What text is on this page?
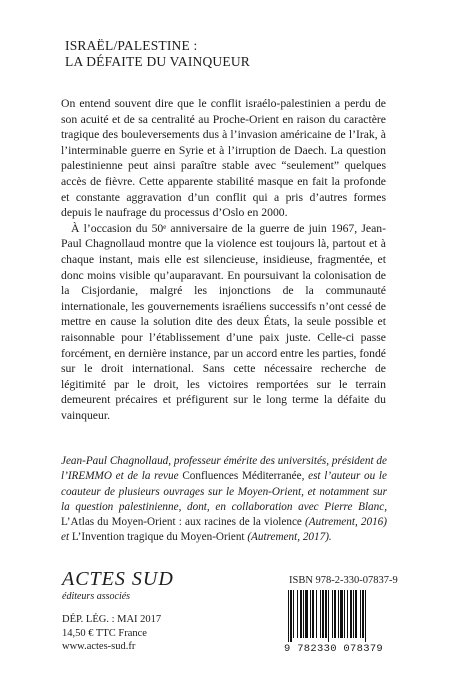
ISRAËL/PALESTINE :
LA DÉFAITE DU VAINQUEUR

On entend souvent dire que le conflit israélo-palestinien a perdu de son acuité et de sa centralité au Proche-Orient en raison du caractère tragique des bouleversements dus à l’invasion américaine de l’Irak, à l’interminable guerre en Syrie et à l’irruption de Daech. La question palestinienne peut ainsi paraître stable avec “seulement” quelques accès de fièvre. Cette apparente stabilité masque en fait la profonde et constante aggravation d’un conflit qui a pris d’autres formes depuis le naufrage du processus d’Oslo en 2000.

À l’occasion du 50ᵉ anniversaire de la guerre de juin 1967, Jean-Paul Chagnollaud montre que la violence est toujours là, partout et à chaque instant, mais elle est silencieuse, insidieuse, fragmentée, et donc moins visible qu’auparavant. En poursuivant la colonisation de la Cisjordanie, malgré les injonctions de la communauté internationale, les gouvernements israéliens successifs n’ont cessé de mettre en cause la solution dite des deux États, la seule possible et raisonnable pour l’établissement d’une paix juste. Celle-ci passe forcément, en dernière instance, par un accord entre les parties, fondé sur le droit international. Sans cette nécessaire recherche de légitimité par le droit, les victoires remportées sur le terrain demeurent précaires et préfigurent sur le long terme la défaite du vainqueur.

Jean-Paul Chagnollaud, professeur émérite des universités, président de l’IREMMO et de la revue Confluences Méditerranée, est l’auteur ou le coauteur de plusieurs ouvrages sur le Moyen-Orient, et notamment sur la question palestinienne, dont, en collaboration avec Pierre Blanc, L’Atlas du Moyen-Orient : aux racines de la violence (Autrement, 2016) et L’Invention tragique du Moyen-Orient (Autrement, 2017).
ACTES SUD
éditeurs associés
DÉP. LÉG. : MAI 2017
14,50 € TTC France
www.actes-sud.fr
ISBN 978-2-330-07837-9
9 782330 078379
